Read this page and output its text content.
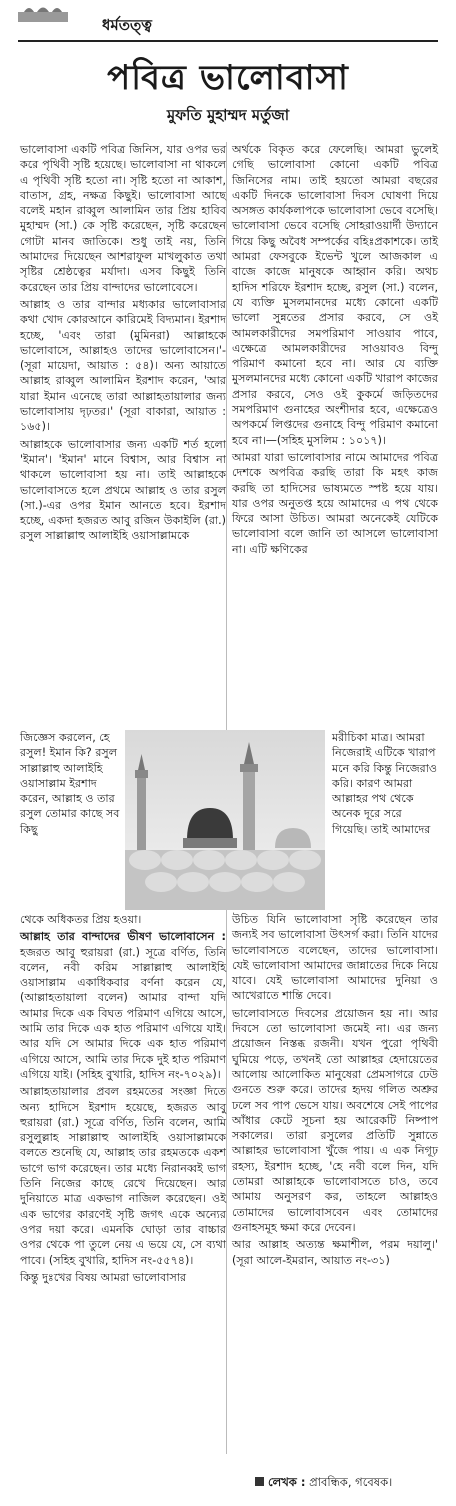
ধর্মতত্ত্ব
পবিত্র ভালোবাসা
মুফতি মুহাম্মদ মর্তুজা

ভালোবাসা একটি পবিত্র জিনিস, যার ওপর ভর করে পৃথিবী সৃষ্টি হয়েছে। ভালোবাসা না থাকলে এ পৃথিবী সৃষ্টি হতো না। সৃষ্টি হতো না আকাশ, বাতাস, গ্রহ, নক্ষত্র কিছুই। ভালোবাসা আছে বলেই মহান রাব্বুল আলামিন তার প্রিয় হাবিব মুহাম্মদ (সা.) কে সৃষ্টি করেছেন, সৃষ্টি করেছেন গোটা মানব জাতিকে। শুধু তাই নয়, তিনি আমাদের দিয়েছেন আশরাফুল মাখলুকাত তথা সৃষ্টির শ্রেষ্ঠত্বের মর্যাদা। এসব কিছুই তিনি করেছেন তার প্রিয় বান্দাদের ভালোবেসে।

আল্লাহ ও তার বান্দার মধ্যকার ভালোবাসার কথা খোদ কোরআনে কারিমেই বিদ্যমান। ইরশাদ হচ্ছে, 'এবং তারা (মুমিনরা) আল্লাহকে ভালোবাসে, আল্লাহও তাদের ভালোবাসেন।'-(সূরা মায়েদা, আয়াত : ৫৪)। অন্য আয়াতে আল্লাহ রাব্বুল আলামিন ইরশাদ করেন, 'আর যারা ইমান এনেছে তারা আল্লাহতায়ালার জন্য ভালোবাসায় দৃঢ়তর।' (সূরা বাকারা, আয়াত : ১৬৫)।

আল্লাহকে ভালোবাসার জন্য একটি শর্ত হলো 'ইমান'। 'ইমান' মানে বিশ্বাস, আর বিশ্বাস না থাকলে ভালোবাসা হয় না। তাই আল্লাহকে ভালোবাসতে হলে প্রথমে আল্লাহ ও তার রসুল (সা.)-এর ওপর ইমান আনতে হবে। ইরশাদ হচ্ছে, একদা হজরত আবু রজিন উকাইলি (রা.) রসুল সাল্লাল্লাহু আলাইহি ওয়াসাল্লামকে

জিজ্ঞেস করলেন, হে রসুল! ইমান কি? রসুল সাল্লাল্লাহু আলাইহি ওয়াসাল্লাম ইরশাদ করেন, আল্লাহ ও তার রসুল তোমার কাছে সব কিছু
মরীচিকা মাত্র। আমরা নিজেরাই এটিকে খারাপ মনে করি কিন্তু নিজেরাও করি। কারণ আমরা আল্লাহর পথ থেকে অনেক দূরে সরে গিয়েছি। তাই আমাদের

থেকে অধিকতর প্রিয় হওয়া।

আল্লাহ তার বান্দাদের ভীষণ ভালোবাসেন : হজরত আবু হুরায়রা (রা.) সূত্রে বর্ণিত, তিনি বলেন, নবী করিম সাল্লাল্লাহু আলাইহি ওয়াসাল্লাম একাধিকবার বর্ণনা করেন যে, (আল্লাহতায়ালা বলেন) আমার বান্দা যদি আমার দিকে এক বিঘত পরিমাণ এগিয়ে আসে, আমি তার দিকে এক হাত পরিমাণ এগিয়ে যাই। আর যদি সে আমার দিকে এক হাত পরিমাণ এগিয়ে আসে, আমি তার দিকে দুই হাত পরিমাণ এগিয়ে যাই। (সহিহ বুখারি, হাদিস নং-৭০২৯)।

আল্লাহতায়ালার প্রবল রহমতের সংজ্ঞা দিতে অন্য হাদিসে ইরশাদ হয়েছে, হজরত আবু হুরায়রা (রা.) সূত্রে বর্ণিত, তিনি বলেন, আমি রসুলুল্লাহ সাল্লাল্লাহু আলাইহি ওয়াসাল্লামকে বলতে শুনেছি যে, আল্লাহ তার রহমতকে একশ ভাগে ভাগ করেছেন। তার মধ্যে নিরানব্বই ভাগ তিনি নিজের কাছে রেখে দিয়েছেন। আর দুনিয়াতে মাত্র একভাগ নাজিল করেছেন। ওই এক ভাগের কারণেই সৃষ্টি জগৎ একে অন্যের ওপর দয়া করে। এমনকি ঘোড়া তার বাচ্চার ওপর থেকে পা তুলে নেয় এ ভয়ে যে, সে ব্যথা পাবে। (সহিহ বুখারি, হাদিস নং-৫৫৭৪)।

কিন্তু দুঃখের বিষয় আমরা ভালোবাসার

অর্থকে বিকৃত করে ফেলেছি। আমরা ভুলেই গেছি ভালোবাসা কোনো একটি পবিত্র জিনিসের নাম। তাই হয়তো আমরা বছরের একটি দিনকে ভালোবাসা দিবস ঘোষণা দিয়ে অসঙ্গত কার্যকলাপকে ভালোবাসা ভেবে বসেছি। ভালোবাসা ভেবে বসেছি সোহরাওয়ার্দী উদ্যানে গিয়ে কিছু অবৈধ সম্পর্কের বহিঃপ্রকাশকে। তাই আমরা ফেসবুকে ইভেন্ট খুলে আজকাল এ বাজে কাজে মানুষকে আহ্বান করি। অথচ হাদিস শরিফে ইরশাদ হচ্ছে, রসুল (সা.) বলেন, যে ব্যক্তি মুসলমানদের মধ্যে কোনো একটি ভালো সুন্নতের প্রসার করবে, সে ওই আমলকারীদের সমপরিমাণ সাওয়াব পাবে, এক্ষেত্রে আমলকারীদের সাওয়াবও বিন্দু পরিমাণ কমানো হবে না। আর যে ব্যক্তি মুসলমানদের মধ্যে কোনো একটি খারাপ কাজের প্রসার করবে, সেও ওই কুকর্মে জড়িতদের সমপরিমাণ গুনাহের অংশীদার হবে, এক্ষেত্রেও অপকর্মে লিপ্তদের গুনাহে বিন্দু পরিমাণ কমানো হবে না।—(সহিহ মুসলিম : ১০১৭)।

আমরা যারা ভালোবাসার নামে আমাদের পবিত্র দেশকে অপবিত্র করছি তারা কি মহৎ কাজ করছি তা হাদিসের ভাষ্যমতে স্পষ্ট হয়ে যায়। যার ওপর অনুতপ্ত হয়ে আমাদের এ পথ থেকে ফিরে আসা উচিত। আমরা অনেকেই যেটিকে ভালোবাসা বলে জানি তা আসলে ভালোবাসা না। এটি ক্ষণিকের

উচিত যিনি ভালোবাসা সৃষ্টি করেছেন তার জন্যই সব ভালোবাসা উৎসর্গ করা। তিনি যাদের ভালোবাসতে বলেছেন, তাদের ভালোবাসা। যেই ভালোবাসা আমাদের জান্নাতের দিকে নিয়ে যাবে। যেই ভালোবাসা আমাদের দুনিয়া ও আখেরাতে শান্তি দেবে।

ভালোবাসতে দিবসের প্রয়োজন হয় না। আর দিবসে তো ভালোবাসা জমেই না। এর জন্য প্রয়োজন নিস্তব্ধ রজনী। যখন পুরো পৃথিবী ঘুমিয়ে পড়ে, তখনই তো আল্লাহর হেদায়েতের আলোয় আলোকিত মানুষেরা প্রেমসাগরে ঢেউ গুনতে শুরু করে। তাদের হৃদয় গলিত অশ্রুর ঢলে সব পাপ ভেসে যায়। অবশেষে সেই পাপের আঁধার কেটে সূচনা হয় আরেকটি নিষ্পাপ সকালের। তারা রসুলের প্রতিটি সুন্নাতে আল্লাহর ভালোবাসা খুঁজে পায়। এ এক নিগূঢ় রহস্য, ইরশাদ হচ্ছে, 'হে নবী বলে দিন, যদি তোমরা আল্লাহকে ভালোবাসতে চাও, তবে আমায় অনুসরণ কর, তাহলে আল্লাহও তোমাদের ভালোবাসবেন এবং তোমাদের গুনাহসমূহ ক্ষমা করে দেবেন।

আর আল্লাহ অত্যন্ত ক্ষমাশীল, পরম দয়ালু।' (সূরা আলে-ইমরান, আয়াত নং-৩১)

লেখক : প্রাবন্ধিক, গবেষক।
